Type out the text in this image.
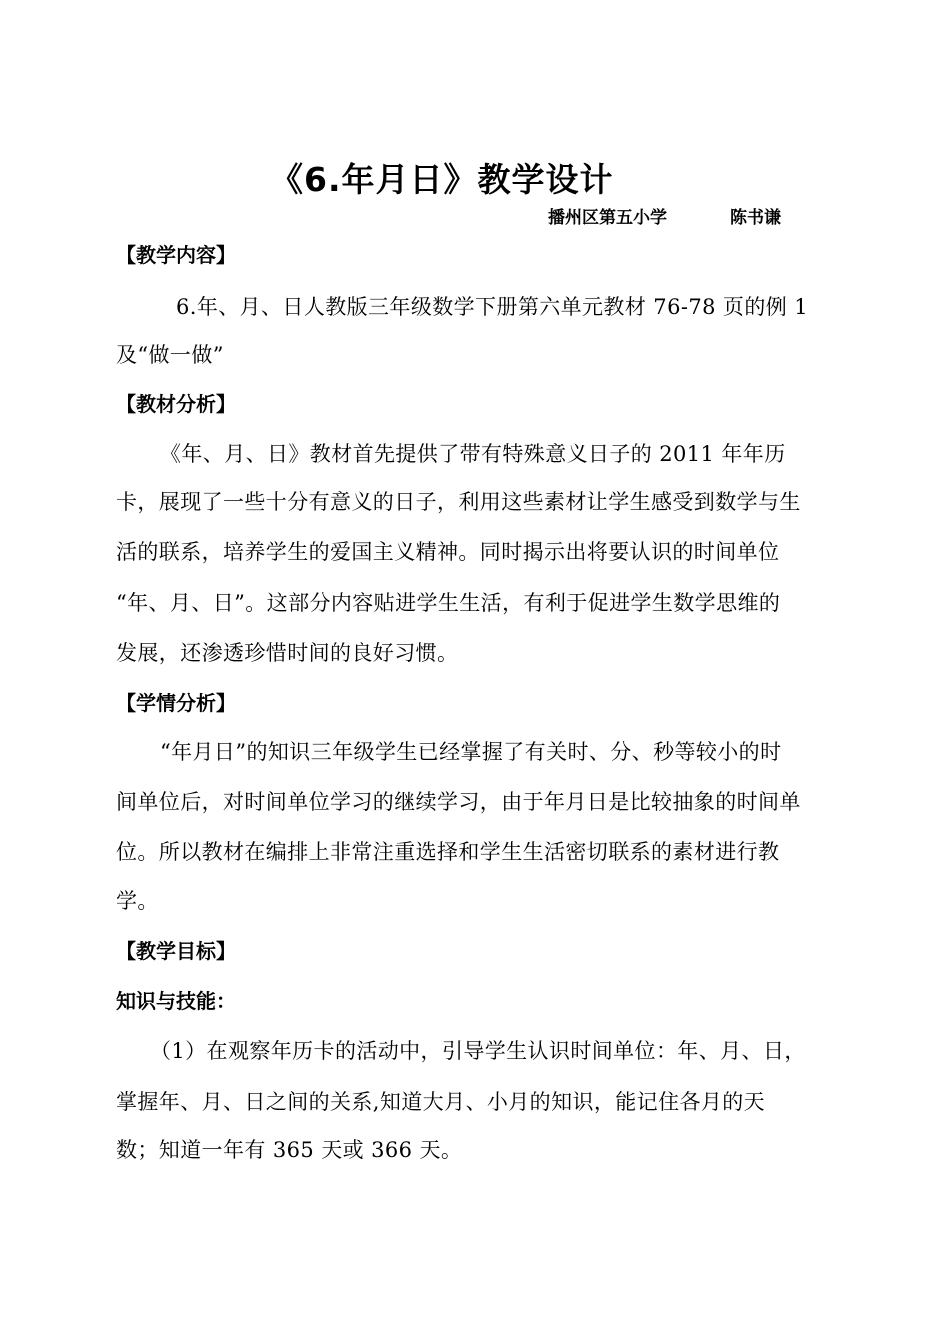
《6.年月日》教学设计
播州区第五小学	陈书谦
【教学内容】
6.年、月、日人教版三年级数学下册第六单元教材 76-78 页的例 1
及“做一做”
【教材分析】
《年、月、日》教材首先提供了带有特殊意义日子的 2011 年年历
卡，展现了一些十分有意义的日子，利用这些素材让学生感受到数学与生
活的联系，培养学生的爱国主义精神。同时揭示出将要认识的时间单位
“年、月、日”。这部分内容贴进学生生活，有利于促进学生数学思维的
发展，还渗透珍惜时间的良好习惯。
【学情分析】
“年月日”的知识三年级学生已经掌握了有关时、分、秒等较小的时
间单位后，对时间单位学习的继续学习，由于年月日是比较抽象的时间单
位。所以教材在编排上非常注重选择和学生生活密切联系的素材进行教
学。
【教学目标】
知识与技能：
（1）在观察年历卡的活动中，引导学生认识时间单位：年、月、日，
掌握年、月、日之间的关系,知道大月、小月的知识，能记住各月的天
数；知道一年有 365 天或 366 天。
